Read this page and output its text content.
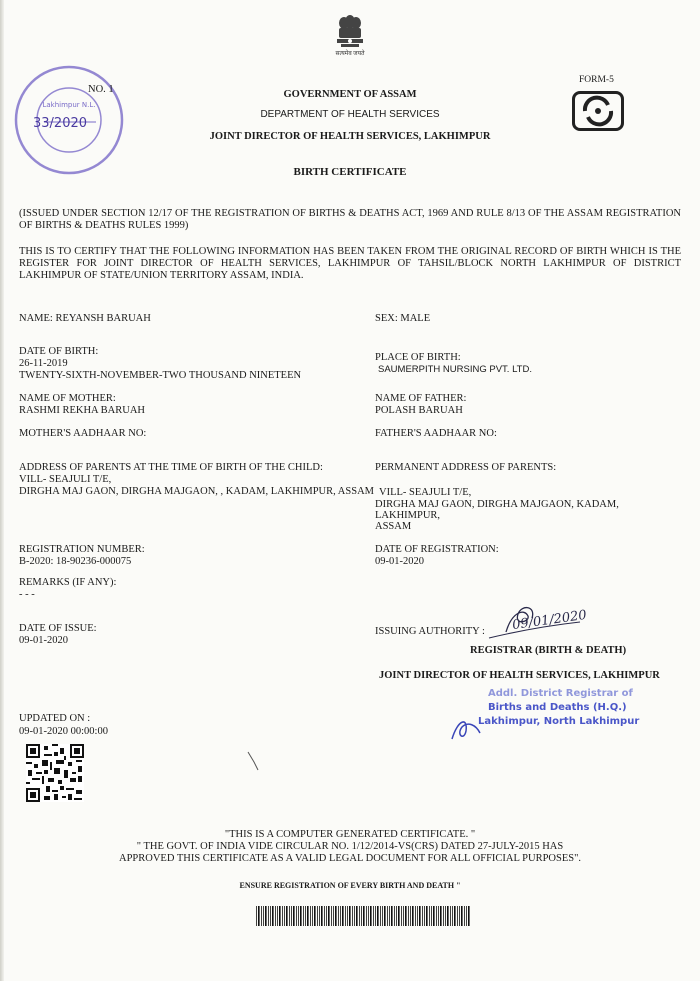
सत्यमेव जयते
Lakhimpur N.L.
33/2020
NO. 1
FORM-5
GOVERNMENT OF ASSAM
DEPARTMENT OF HEALTH SERVICES
JOINT DIRECTOR OF HEALTH SERVICES, LAKHIMPUR
BIRTH CERTIFICATE
(ISSUED UNDER SECTION 12/17 OF THE REGISTRATION OF BIRTHS & DEATHS ACT, 1969 AND RULE 8/13 OF THE ASSAM REGISTRATION OF BIRTHS & DEATHS RULES 1999)
THIS IS TO CERTIFY THAT THE FOLLOWING INFORMATION HAS BEEN TAKEN FROM THE ORIGINAL RECORD OF BIRTH WHICH IS THE REGISTER FOR JOINT DIRECTOR OF HEALTH SERVICES, LAKHIMPUR OF TAHSIL/BLOCK NORTH LAKHIMPUR OF DISTRICT LAKHIMPUR OF STATE/UNION TERRITORY ASSAM, INDIA.
NAME: REYANSH BARUAH
DATE OF BIRTH:
26-11-2019
TWENTY-SIXTH-NOVEMBER-TWO THOUSAND NINETEEN
NAME OF MOTHER:
RASHMI REKHA BARUAH
MOTHER'S AADHAAR NO:
ADDRESS OF PARENTS AT THE TIME OF BIRTH OF THE CHILD:
VILL- SEAJULI T/E,
DIRGHA MAJ GAON, DIRGHA MAJGAON, , KADAM, LAKHIMPUR, ASSAM
REGISTRATION NUMBER:
B-2020: 18-90236-000075
REMARKS (IF ANY):
- - -
DATE OF ISSUE:
09-01-2020
UPDATED ON :
09-01-2020 00:00:00
SEX: MALE
PLACE OF BIRTH:
SAUMERPITH NURSING PVT. LTD.
NAME OF FATHER:
POLASH BARUAH
FATHER'S AADHAAR NO:
PERMANENT ADDRESS OF PARENTS:
VILL- SEAJULI T/E,
DIRGHA MAJ GAON, DIRGHA MAJGAON, KADAM,
LAKHIMPUR,
ASSAM
DATE OF REGISTRATION:
09-01-2020
ISSUING AUTHORITY : 09/01/2020
REGISTRAR (BIRTH & DEATH)
JOINT DIRECTOR OF HEALTH SERVICES, LAKHIMPUR
Addl. District Registrar of
Births and Deaths (H.Q.)
Lakhimpur, North Lakhimpur
"THIS IS A COMPUTER GENERATED CERTIFICATE. "
" THE GOVT. OF INDIA VIDE CIRCULAR NO. 1/12/2014-VS(CRS) DATED 27-JULY-2015 HAS
APPROVED THIS CERTIFICATE AS A VALID LEGAL DOCUMENT FOR ALL OFFICIAL PURPOSES".
ENSURE REGISTRATION OF EVERY BIRTH AND DEATH "
